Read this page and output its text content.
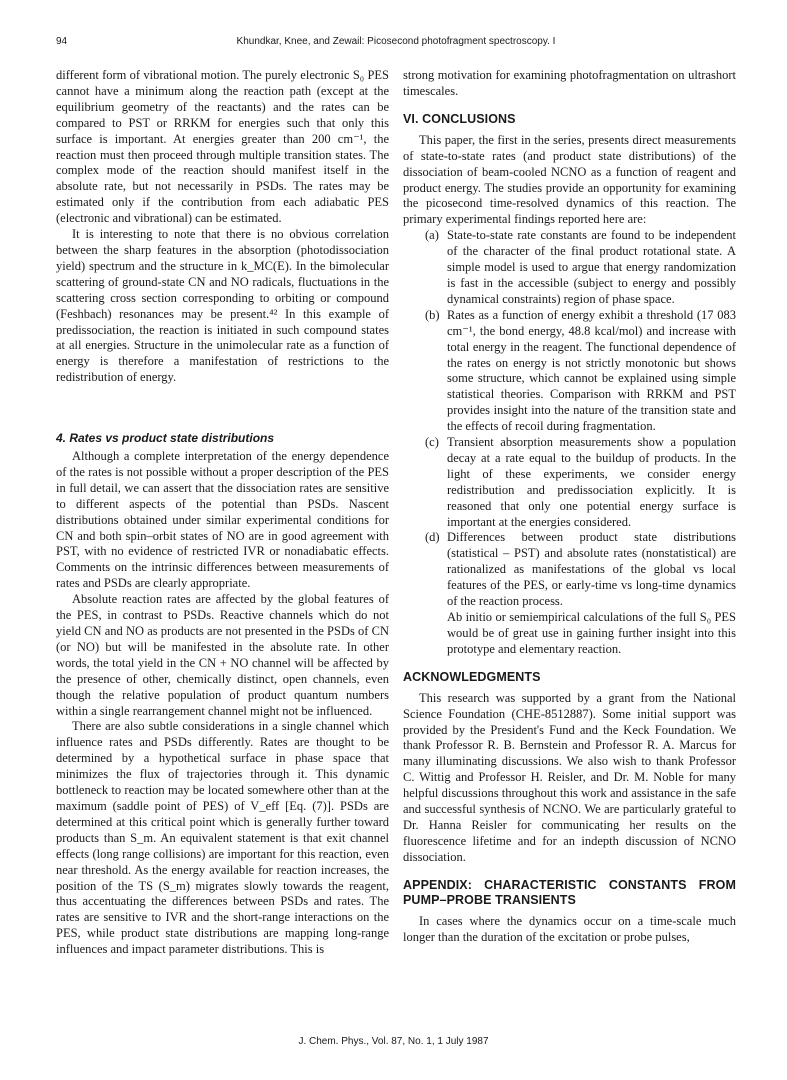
94	Khundkar, Knee, and Zewail: Picosecond photofragment spectroscopy. I

different form of vibrational motion. The purely electronic S₀ PES cannot have a minimum along the reaction path (except at the equilibrium geometry of the reactants) and the rates can be compared to PST or RRKM for energies such that only this surface is important. At energies greater than 200 cm⁻¹, the reaction must then proceed through multiple transition states. The complex mode of the reaction should manifest itself in the absolute rate, but not necessarily in PSDs. The rates may be estimated only if the contribution from each adiabatic PES (electronic and vibrational) can be estimated.

It is interesting to note that there is no obvious correlation between the sharp features in the absorption (photodissociation yield) spectrum and the structure in k_MC(E). In the bimolecular scattering of ground-state CN and NO radicals, fluctuations in the scattering cross section corresponding to orbiting or compound (Feshbach) resonances may be present.⁴² In this example of predissociation, the reaction is initiated in such compound states at all energies. Structure in the unimolecular rate as a function of energy is therefore a manifestation of restrictions to the redistribution of energy.

4. Rates vs product state distributions

Although a complete interpretation of the energy dependence of the rates is not possible without a proper description of the PES in full detail, we can assert that the dissociation rates are sensitive to different aspects of the potential than PSDs. Nascent distributions obtained under similar experimental conditions for CN and both spin–orbit states of NO are in good agreement with PST, with no evidence of restricted IVR or nonadiabatic effects. Comments on the intrinsic differences between measurements of rates and PSDs are clearly appropriate.

Absolute reaction rates are affected by the global features of the PES, in contrast to PSDs. Reactive channels which do not yield CN and NO as products are not presented in the PSDs of CN (or NO) but will be manifested in the absolute rate. In other words, the total yield in the CN + NO channel will be affected by the presence of other, chemically distinct, open channels, even though the relative population of product quantum numbers within a single rearrangement channel might not be influenced.

There are also subtle considerations in a single channel which influence rates and PSDs differently. Rates are thought to be determined by a hypothetical surface in phase space that minimizes the flux of trajectories through it. This dynamic bottleneck to reaction may be located somewhere other than at the maximum (saddle point of PES) of V_eff [Eq. (7)]. PSDs are determined at this critical point which is generally further toward products than S_m. An equivalent statement is that exit channel effects (long range collisions) are important for this reaction, even near threshold. As the energy available for reaction increases, the position of the TS (S_m) migrates slowly towards the reagent, thus accentuating the differences between PSDs and rates. The rates are sensitive to IVR and the short-range interactions on the PES, while product state distributions are mapping long-range influences and impact parameter distributions. This is

strong motivation for examining photofragmentation on ultrashort timescales.

VI. CONCLUSIONS

This paper, the first in the series, presents direct measurements of state-to-state rates (and product state distributions) of the dissociation of beam-cooled NCNO as a function of reagent and product energy. The studies provide an opportunity for examining the picosecond time-resolved dynamics of this reaction. The primary experimental findings reported here are:

(a) State-to-state rate constants are found to be independent of the character of the final product rotational state. A simple model is used to argue that energy randomization is fast in the accessible (subject to energy and possibly dynamical constraints) region of phase space.
(b) Rates as a function of energy exhibit a threshold (17 083 cm⁻¹, the bond energy, 48.8 kcal/mol) and increase with total energy in the reagent. The functional dependence of the rates on energy is not strictly monotonic but shows some structure, which cannot be explained using simple statistical theories. Comparison with RRKM and PST provides insight into the nature of the transition state and the effects of recoil during fragmentation.
(c) Transient absorption measurements show a population decay at a rate equal to the buildup of products. In the light of these experiments, we consider energy redistribution and predissociation explicitly. It is reasoned that only one potential energy surface is important at the energies considered.
(d) Differences between product state distributions (statistical – PST) and absolute rates (nonstatistical) are rationalized as manifestations of the global vs local features of the PES, or early-time vs long-time dynamics of the reaction process.
Ab initio or semiempirical calculations of the full S₀ PES would be of great use in gaining further insight into this prototype and elementary reaction.
ACKNOWLEDGMENTS

This research was supported by a grant from the National Science Foundation (CHE-8512887). Some initial support was provided by the President's Fund and the Keck Foundation. We thank Professor R. B. Bernstein and Professor R. A. Marcus for many illuminating discussions. We also wish to thank Professor C. Wittig and Professor H. Reisler, and Dr. M. Noble for many helpful discussions throughout this work and assistance in the safe and successful synthesis of NCNO. We are particularly grateful to Dr. Hanna Reisler for communicating her results on the fluorescence lifetime and for an indepth discussion of NCNO dissociation.

APPENDIX: CHARACTERISTIC CONSTANTS FROM PUMP–PROBE TRANSIENTS

In cases where the dynamics occur on a time-scale much longer than the duration of the excitation or probe pulses,

J. Chem. Phys., Vol. 87, No. 1, 1 July 1987
